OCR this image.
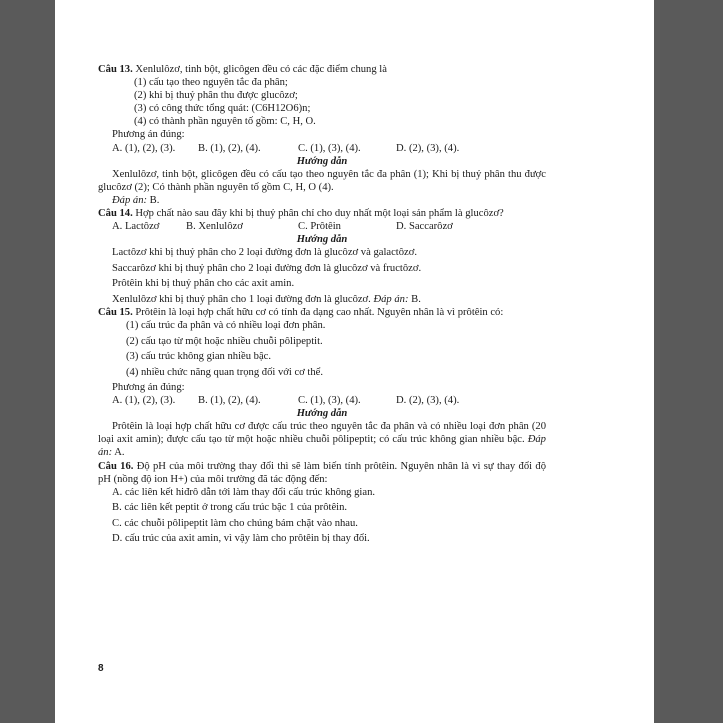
Câu 13. Xenlulôzơ, tinh bột, glicôgen đều có các đặc điểm chung là
(1) cấu tạo theo nguyên tắc đa phân;
(2) khi bị thuỷ phân thu được glucôzơ;
(3) có công thức tổng quát: (C6H12O6)n;
(4) có thành phần nguyên tố gồm: C, H, O.
Phương án đúng:
A. (1), (2), (3).	B. (1), (2), (4).	C. (1), (3), (4).	D. (2), (3), (4).
Hướng dẫn
Xenlulôzơ, tinh bột, glicôgen đều có cấu tạo theo nguyên tắc đa phân (1); Khi bị thuỷ phân thu được glucôzơ (2); Có thành phần nguyên tố gồm C, H, O (4).
Đáp án: B.
Câu 14. Hợp chất nào sau đây khi bị thuỷ phân chỉ cho duy nhất một loại sản phẩm là glucôzơ?
A. Lactôzơ	B. Xenlulôzơ	C. Prôtêin	D. Saccarôzơ
Hướng dẫn
Lactôzơ khi bị thuỷ phân cho 2 loại đường đơn là glucôzơ và galactôzơ.
Saccarôzơ khi bị thuỷ phân cho 2 loại đường đơn là glucôzơ và fructôzơ.
Prôtêin khi bị thuỷ phân cho các axit amin.
Xenlulôzơ khi bị thuỷ phân cho 1 loại đường đơn là glucôzơ. Đáp án: B.
Câu 15. Prôtêin là loại hợp chất hữu cơ có tính đa dạng cao nhất. Nguyên nhân là vì prôtêin có:
(1) cấu trúc đa phân và có nhiều loại đơn phân.
(2) cấu tạo từ một hoặc nhiều chuỗi pôlipeptit.
(3) cấu trúc không gian nhiều bậc.
(4) nhiều chức năng quan trọng đối với cơ thể.
Phương án đúng:
A. (1), (2), (3).	B. (1), (2), (4).	C. (1), (3), (4).	D. (2), (3), (4).
Hướng dẫn
Prôtêin là loại hợp chất hữu cơ được cấu trúc theo nguyên tắc đa phân và có nhiều loại đơn phân (20 loại axit amin); được cấu tạo từ một hoặc nhiều chuỗi pôlipeptit; có cấu trúc không gian nhiều bậc. Đáp án: A.
Câu 16. Độ pH của môi trường thay đổi thì sẽ làm biến tính prôtêin. Nguyên nhân là vì sự thay đổi độ pH (nồng độ ion H+) của môi trường đã tác động đến:
A. các liên kết hiđrô dẫn tới làm thay đổi cấu trúc không gian.
B. các liên kết peptit ở trong cấu trúc bậc 1 của prôtêin.
C. các chuỗi pôlipeptit làm cho chúng bám chặt vào nhau.
D. cấu trúc của axit amin, vì vậy làm cho prôtêin bị thay đổi.
8
